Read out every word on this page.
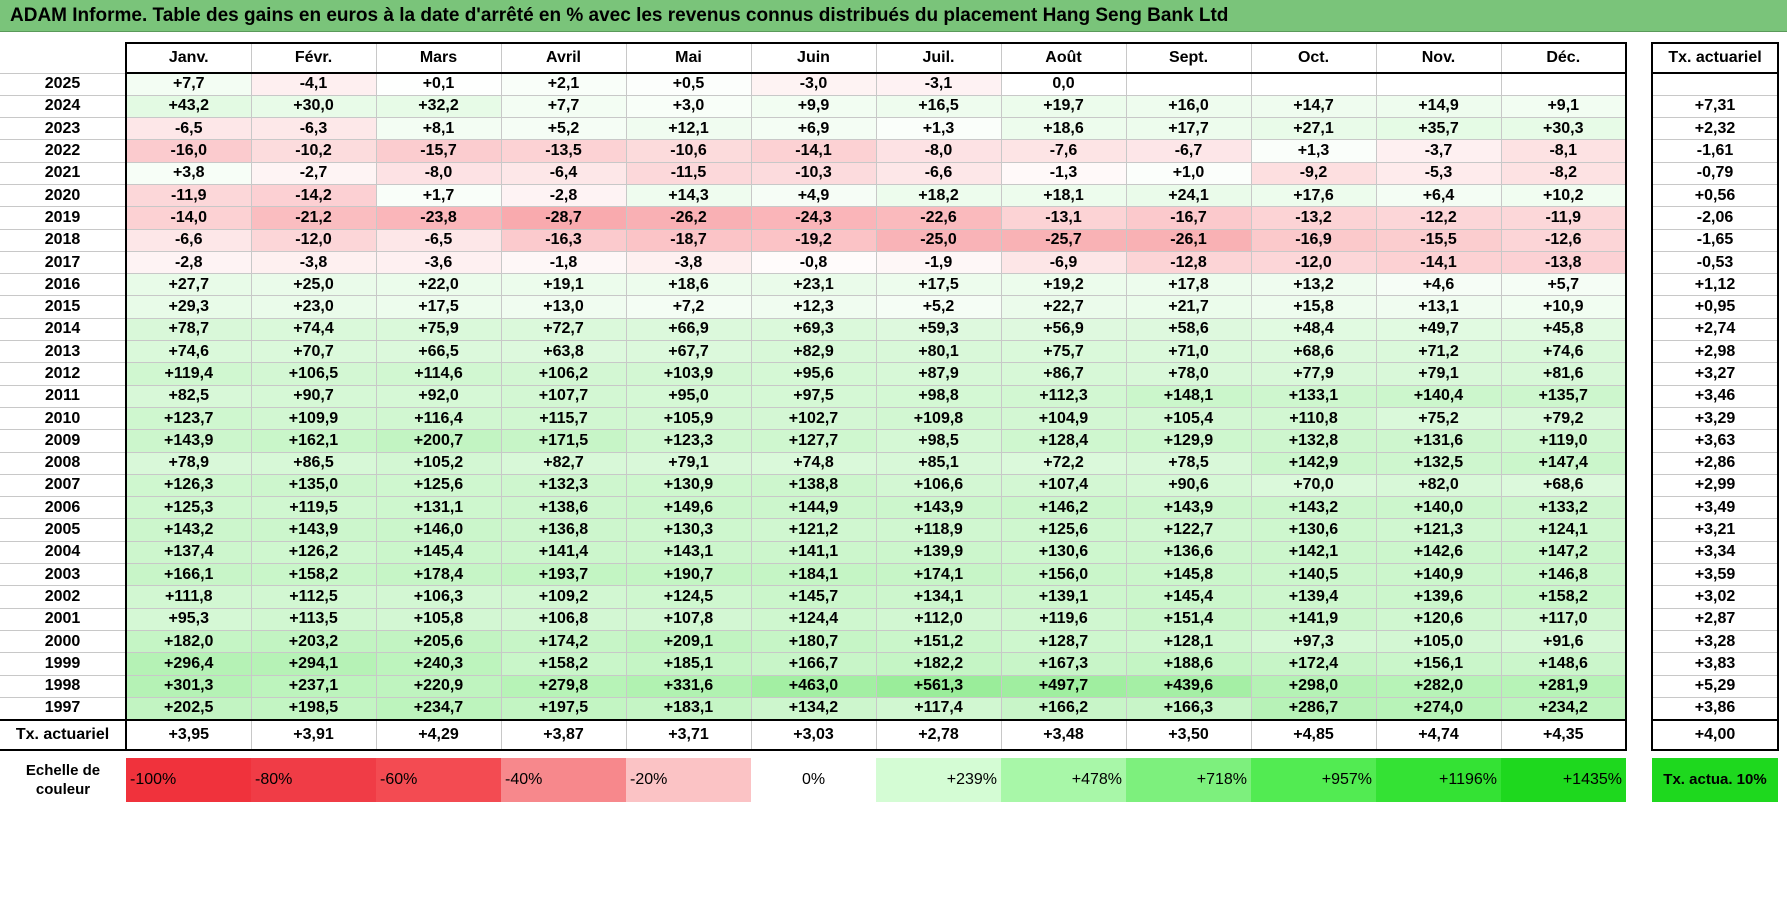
ADAM Informe. Table des gains en euros à la date d'arrêté en % avec les revenus connus distribués du placement Hang Seng Bank Ltd
	Janv.	Févr.	Mars	Avril	Mai	Juin	Juil.	Août	Sept.	Oct.	Nov.	Déc.		Tx. actuariel
2025	+7,7	-4,1	+0,1	+2,1	+0,5	-3,0	-3,1	0,0						
2024	+43,2	+30,0	+32,2	+7,7	+3,0	+9,9	+16,5	+19,7	+16,0	+14,7	+14,9	+9,1		+7,31
2023	-6,5	-6,3	+8,1	+5,2	+12,1	+6,9	+1,3	+18,6	+17,7	+27,1	+35,7	+30,3		+2,32
2022	-16,0	-10,2	-15,7	-13,5	-10,6	-14,1	-8,0	-7,6	-6,7	+1,3	-3,7	-8,1		-1,61
2021	+3,8	-2,7	-8,0	-6,4	-11,5	-10,3	-6,6	-1,3	+1,0	-9,2	-5,3	-8,2		-0,79
2020	-11,9	-14,2	+1,7	-2,8	+14,3	+4,9	+18,2	+18,1	+24,1	+17,6	+6,4	+10,2		+0,56
2019	-14,0	-21,2	-23,8	-28,7	-26,2	-24,3	-22,6	-13,1	-16,7	-13,2	-12,2	-11,9		-2,06
2018	-6,6	-12,0	-6,5	-16,3	-18,7	-19,2	-25,0	-25,7	-26,1	-16,9	-15,5	-12,6		-1,65
2017	-2,8	-3,8	-3,6	-1,8	-3,8	-0,8	-1,9	-6,9	-12,8	-12,0	-14,1	-13,8		-0,53
2016	+27,7	+25,0	+22,0	+19,1	+18,6	+23,1	+17,5	+19,2	+17,8	+13,2	+4,6	+5,7		+1,12
2015	+29,3	+23,0	+17,5	+13,0	+7,2	+12,3	+5,2	+22,7	+21,7	+15,8	+13,1	+10,9		+0,95
2014	+78,7	+74,4	+75,9	+72,7	+66,9	+69,3	+59,3	+56,9	+58,6	+48,4	+49,7	+45,8		+2,74
2013	+74,6	+70,7	+66,5	+63,8	+67,7	+82,9	+80,1	+75,7	+71,0	+68,6	+71,2	+74,6		+2,98
2012	+119,4	+106,5	+114,6	+106,2	+103,9	+95,6	+87,9	+86,7	+78,0	+77,9	+79,1	+81,6		+3,27
2011	+82,5	+90,7	+92,0	+107,7	+95,0	+97,5	+98,8	+112,3	+148,1	+133,1	+140,4	+135,7		+3,46
2010	+123,7	+109,9	+116,4	+115,7	+105,9	+102,7	+109,8	+104,9	+105,4	+110,8	+75,2	+79,2		+3,29
2009	+143,9	+162,1	+200,7	+171,5	+123,3	+127,7	+98,5	+128,4	+129,9	+132,8	+131,6	+119,0		+3,63
2008	+78,9	+86,5	+105,2	+82,7	+79,1	+74,8	+85,1	+72,2	+78,5	+142,9	+132,5	+147,4		+2,86
2007	+126,3	+135,0	+125,6	+132,3	+130,9	+138,8	+106,6	+107,4	+90,6	+70,0	+82,0	+68,6		+2,99
2006	+125,3	+119,5	+131,1	+138,6	+149,6	+144,9	+143,9	+146,2	+143,9	+143,2	+140,0	+133,2		+3,49
2005	+143,2	+143,9	+146,0	+136,8	+130,3	+121,2	+118,9	+125,6	+122,7	+130,6	+121,3	+124,1		+3,21
2004	+137,4	+126,2	+145,4	+141,4	+143,1	+141,1	+139,9	+130,6	+136,6	+142,1	+142,6	+147,2		+3,34
2003	+166,1	+158,2	+178,4	+193,7	+190,7	+184,1	+174,1	+156,0	+145,8	+140,5	+140,9	+146,8		+3,59
2002	+111,8	+112,5	+106,3	+109,2	+124,5	+145,7	+134,1	+139,1	+145,4	+139,4	+139,6	+158,2		+3,02
2001	+95,3	+113,5	+105,8	+106,8	+107,8	+124,4	+112,0	+119,6	+151,4	+141,9	+120,6	+117,0		+2,87
2000	+182,0	+203,2	+205,6	+174,2	+209,1	+180,7	+151,2	+128,7	+128,1	+97,3	+105,0	+91,6		+3,28
1999	+296,4	+294,1	+240,3	+158,2	+185,1	+166,7	+182,2	+167,3	+188,6	+172,4	+156,1	+148,6		+3,83
1998	+301,3	+237,1	+220,9	+279,8	+331,6	+463,0	+561,3	+497,7	+439,6	+298,0	+282,0	+281,9		+5,29
1997	+202,5	+198,5	+234,7	+197,5	+183,1	+134,2	+117,4	+166,2	+166,3	+286,7	+274,0	+234,2		+3,86
Tx. actuariel	+3,95	+3,91	+4,29	+3,87	+3,71	+3,03	+2,78	+3,48	+3,50	+4,85	+4,74	+4,35		+4,00

Echelle de couleur	-100%	-80%	-60%	-40%	-20%	0%	+239%	+478%	+718%	+957%	+1196%	+1435%		Tx. actua. 10%
